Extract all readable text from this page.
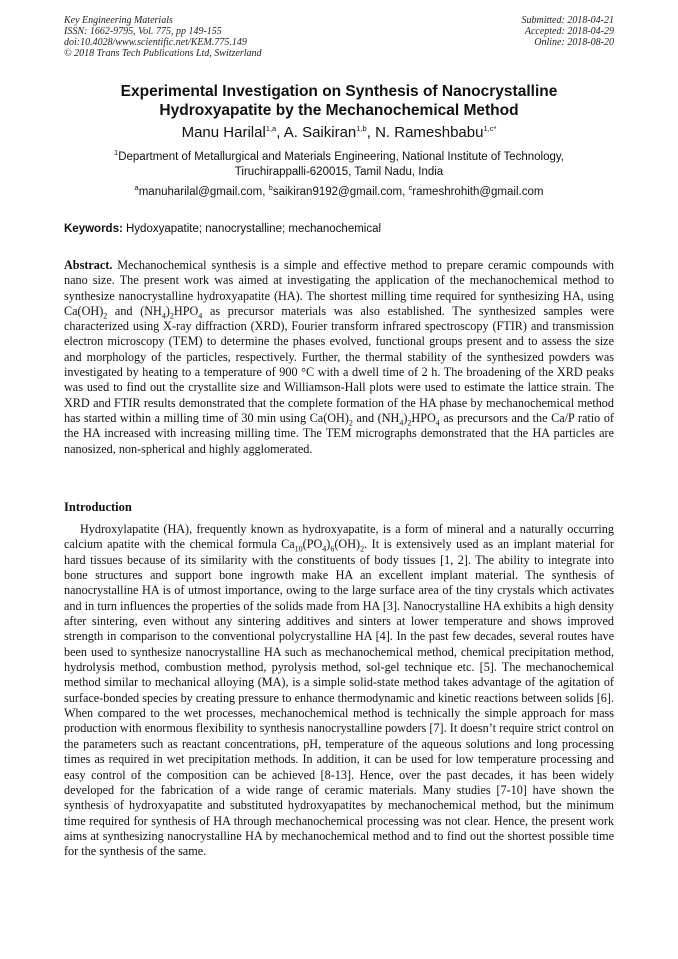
Key Engineering Materials
ISSN: 1662-9795, Vol. 775, pp 149-155
doi:10.4028/www.scientific.net/KEM.775.149
© 2018 Trans Tech Publications Ltd, Switzerland
Submitted: 2018-04-21
Accepted: 2018-04-29
Online: 2018-08-20
Experimental Investigation on Synthesis of Nanocrystalline
Hydroxyapatite by the Mechanochemical Method
Manu Harilal$^{1,a}$, A. Saikiran$^{1,b}$, N. Rameshbabu$^{1,c*}$
$^1$Department of Metallurgical and Materials Engineering, National Institute of Technology,
Tiruchirappalli-620015, Tamil Nadu, India
$^a$manuharilal@gmail.com, $^b$saikiran9192@gmail.com, $^c$rameshrohith@gmail.com
Keywords: Hydoxyapatite; nanocrystalline; mechanochemical
Abstract. Mechanochemical synthesis is a simple and effective method to prepare ceramic compounds with nano size. The present work was aimed at investigating the application of the mechanochemical method to synthesize nanocrystalline hydroxyapatite (HA). The shortest milling time required for synthesizing HA, using $Ca(OH)_2$ and $(NH_4)_2HPO_4$ as precursor materials was also established. The synthesized samples were characterized using X-ray diffraction (XRD), Fourier transform infrared spectroscopy (FTIR) and transmission electron microscopy (TEM) to determine the phases evolved, functional groups present and to assess the size and morphology of the particles, respectively. Further, the thermal stability of the synthesized powders was investigated by heating to a temperature of 900 °C with a dwell time of 2 h. The broadening of the XRD peaks was used to find out the crystallite size and Williamson-Hall plots were used to estimate the lattice strain. The XRD and FTIR results demonstrated that the complete formation of the HA phase by mechanochemical method has started within a milling time of 30 min using $Ca(OH)_2$ and $(NH_4)_2HPO_4$ as precursors and the Ca/P ratio of the HA increased with increasing milling time. The TEM micrographs demonstrated that the HA particles are nanosized, non-spherical and highly agglomerated.
Introduction
Hydroxylapatite (HA), frequently known as hydroxyapatite, is a form of mineral and a naturally occurring calcium apatite with the chemical formula $Ca_{10}(PO_4)_6(OH)_2$. It is extensively used as an implant material for hard tissues because of its similarity with the constituents of body tissues [1, 2]. The ability to integrate into bone structures and support bone ingrowth make HA an excellent implant material. The synthesis of nanocrystalline HA is of utmost importance, owing to the large surface area of the tiny crystals which activates and in turn influences the properties of the solids made from HA [3]. Nanocrystalline HA exhibits a high density after sintering, even without any sintering additives and sinters at lower temperature and shows improved strength in comparison to the conventional polycrystalline HA [4]. In the past few decades, several routes have been used to synthesize nanocrystalline HA such as mechanochemical method, chemical precipitation method, hydrolysis method, combustion method, pyrolysis method, sol-gel technique etc. [5]. The mechanochemical method similar to mechanical alloying (MA), is a simple solid-state method takes advantage of the agitation of surface-bonded species by creating pressure to enhance thermodynamic and kinetic reactions between solids [6]. When compared to the wet processes, mechanochemical method is technically the simple approach for mass production with enormous flexibility to synthesis nanocrystalline powders [7]. It doesn’t require strict control on the parameters such as reactant concentrations, pH, temperature of the aqueous solutions and long processing times as required in wet precipitation methods. In addition, it can be used for low temperature processing and easy control of the composition can be achieved [8-13]. Hence, over the past decades, it has been widely developed for the fabrication of a wide range of ceramic materials. Many studies [7-10] have shown the synthesis of hydroxyapatite and substituted hydroxyapatites by mechanochemical method, but the minimum time required for synthesis of HA through mechanochemical processing was not clear. Hence, the present work aims at synthesizing nanocrystalline HA by mechanochemical method and to find out the shortest possible time for the synthesis of the same.
